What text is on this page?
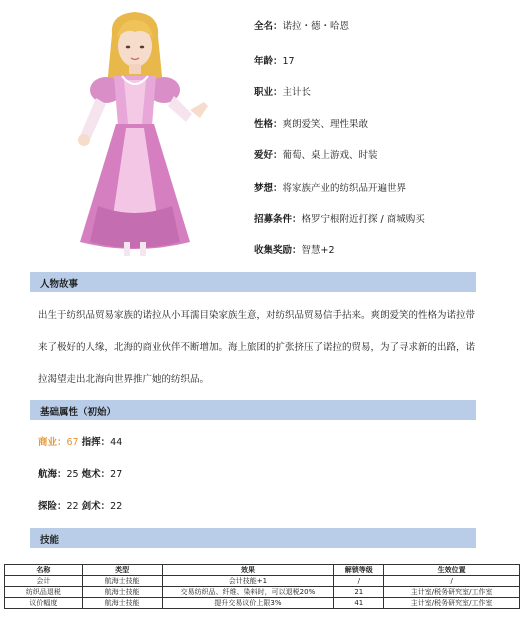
全名：诺拉・德・哈恩
年龄：17
职业：主计长
性格：爽朗爱笑、理性果敢
爱好：葡萄、桌上游戏、时装
梦想：将家族产业的纺织品开遍世界
招募条件：格罗宁根附近打探 / 商城购买
收集奖励：智慧+2
人物故事
出生于纺织品贸易家族的诺拉从小耳濡目染家族生意，对纺织品贸易信手拈来。爽朗爱笑的性格为诺拉带来了极好的人缘，北海的商业伙伴不断增加。海上旅团的扩张挤压了诺拉的贸易，为了寻求新的出路，诺拉渴望走出北海向世界推广她的纺织品。
基础属性（初始）
商业：67 指挥：44
航海：25 炮术：27
探险：22 剑术：22
技能
名称	类型	效果	解锁等级	生效位置
会计	航海士技能	会计技能+1	/	/
纺织品退税	航海士技能	交易纺织品、纤维、染料时，可以退税20%	21	主计室/税务研究室/工作室
议价幅度	航海士技能	提升交易议价上限3%	41	主计室/税务研究室/工作室
